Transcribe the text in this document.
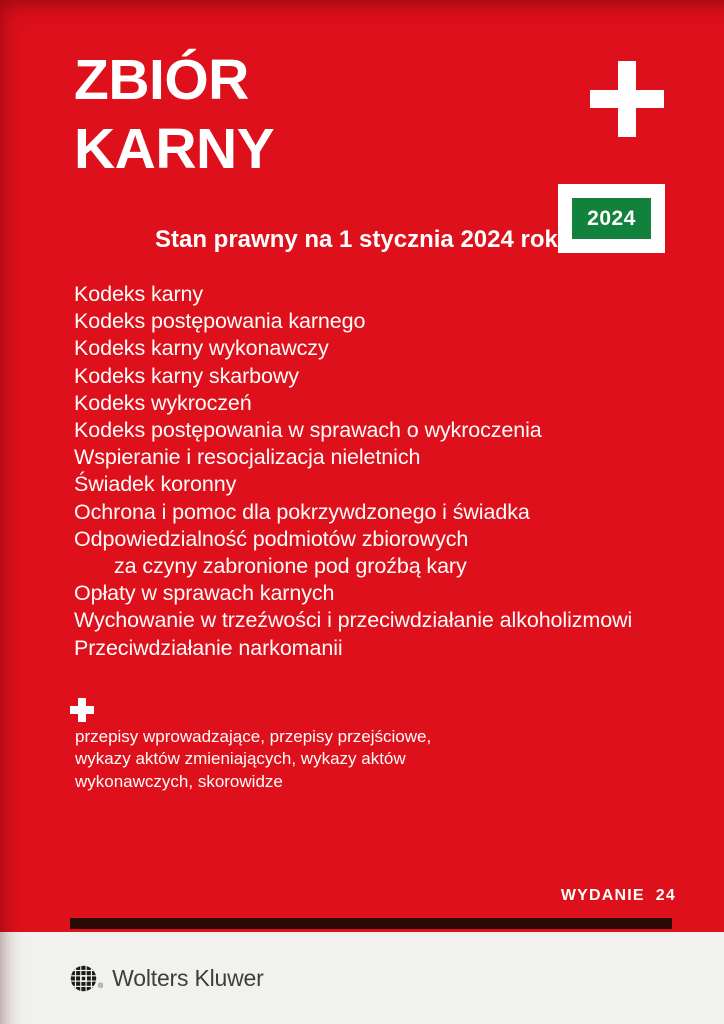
ZBIÓR
KARNY
2024
Stan prawny na 1 stycznia 2024 roku
Kodeks karny
Kodeks postępowania karnego
Kodeks karny wykonawczy
Kodeks karny skarbowy
Kodeks wykroczeń
Kodeks postępowania w sprawach o wykroczenia
Wspieranie i resocjalizacja nieletnich
Świadek koronny
Ochrona i pomoc dla pokrzywdzonego i świadka
Odpowiedzialność podmiotów zbiorowych
za czyny zabronione pod groźbą kary
Opłaty w sprawach karnych
Wychowanie w trzeźwości i przeciwdziałanie alkoholizmowi
Przeciwdziałanie narkomanii
przepisy wprowadzające, przepisy przejściowe,
wykazy aktów zmieniających, wykazy aktów
wykonawczych, skorowidze
WYDANIE 24
® Wolters Kluwer
